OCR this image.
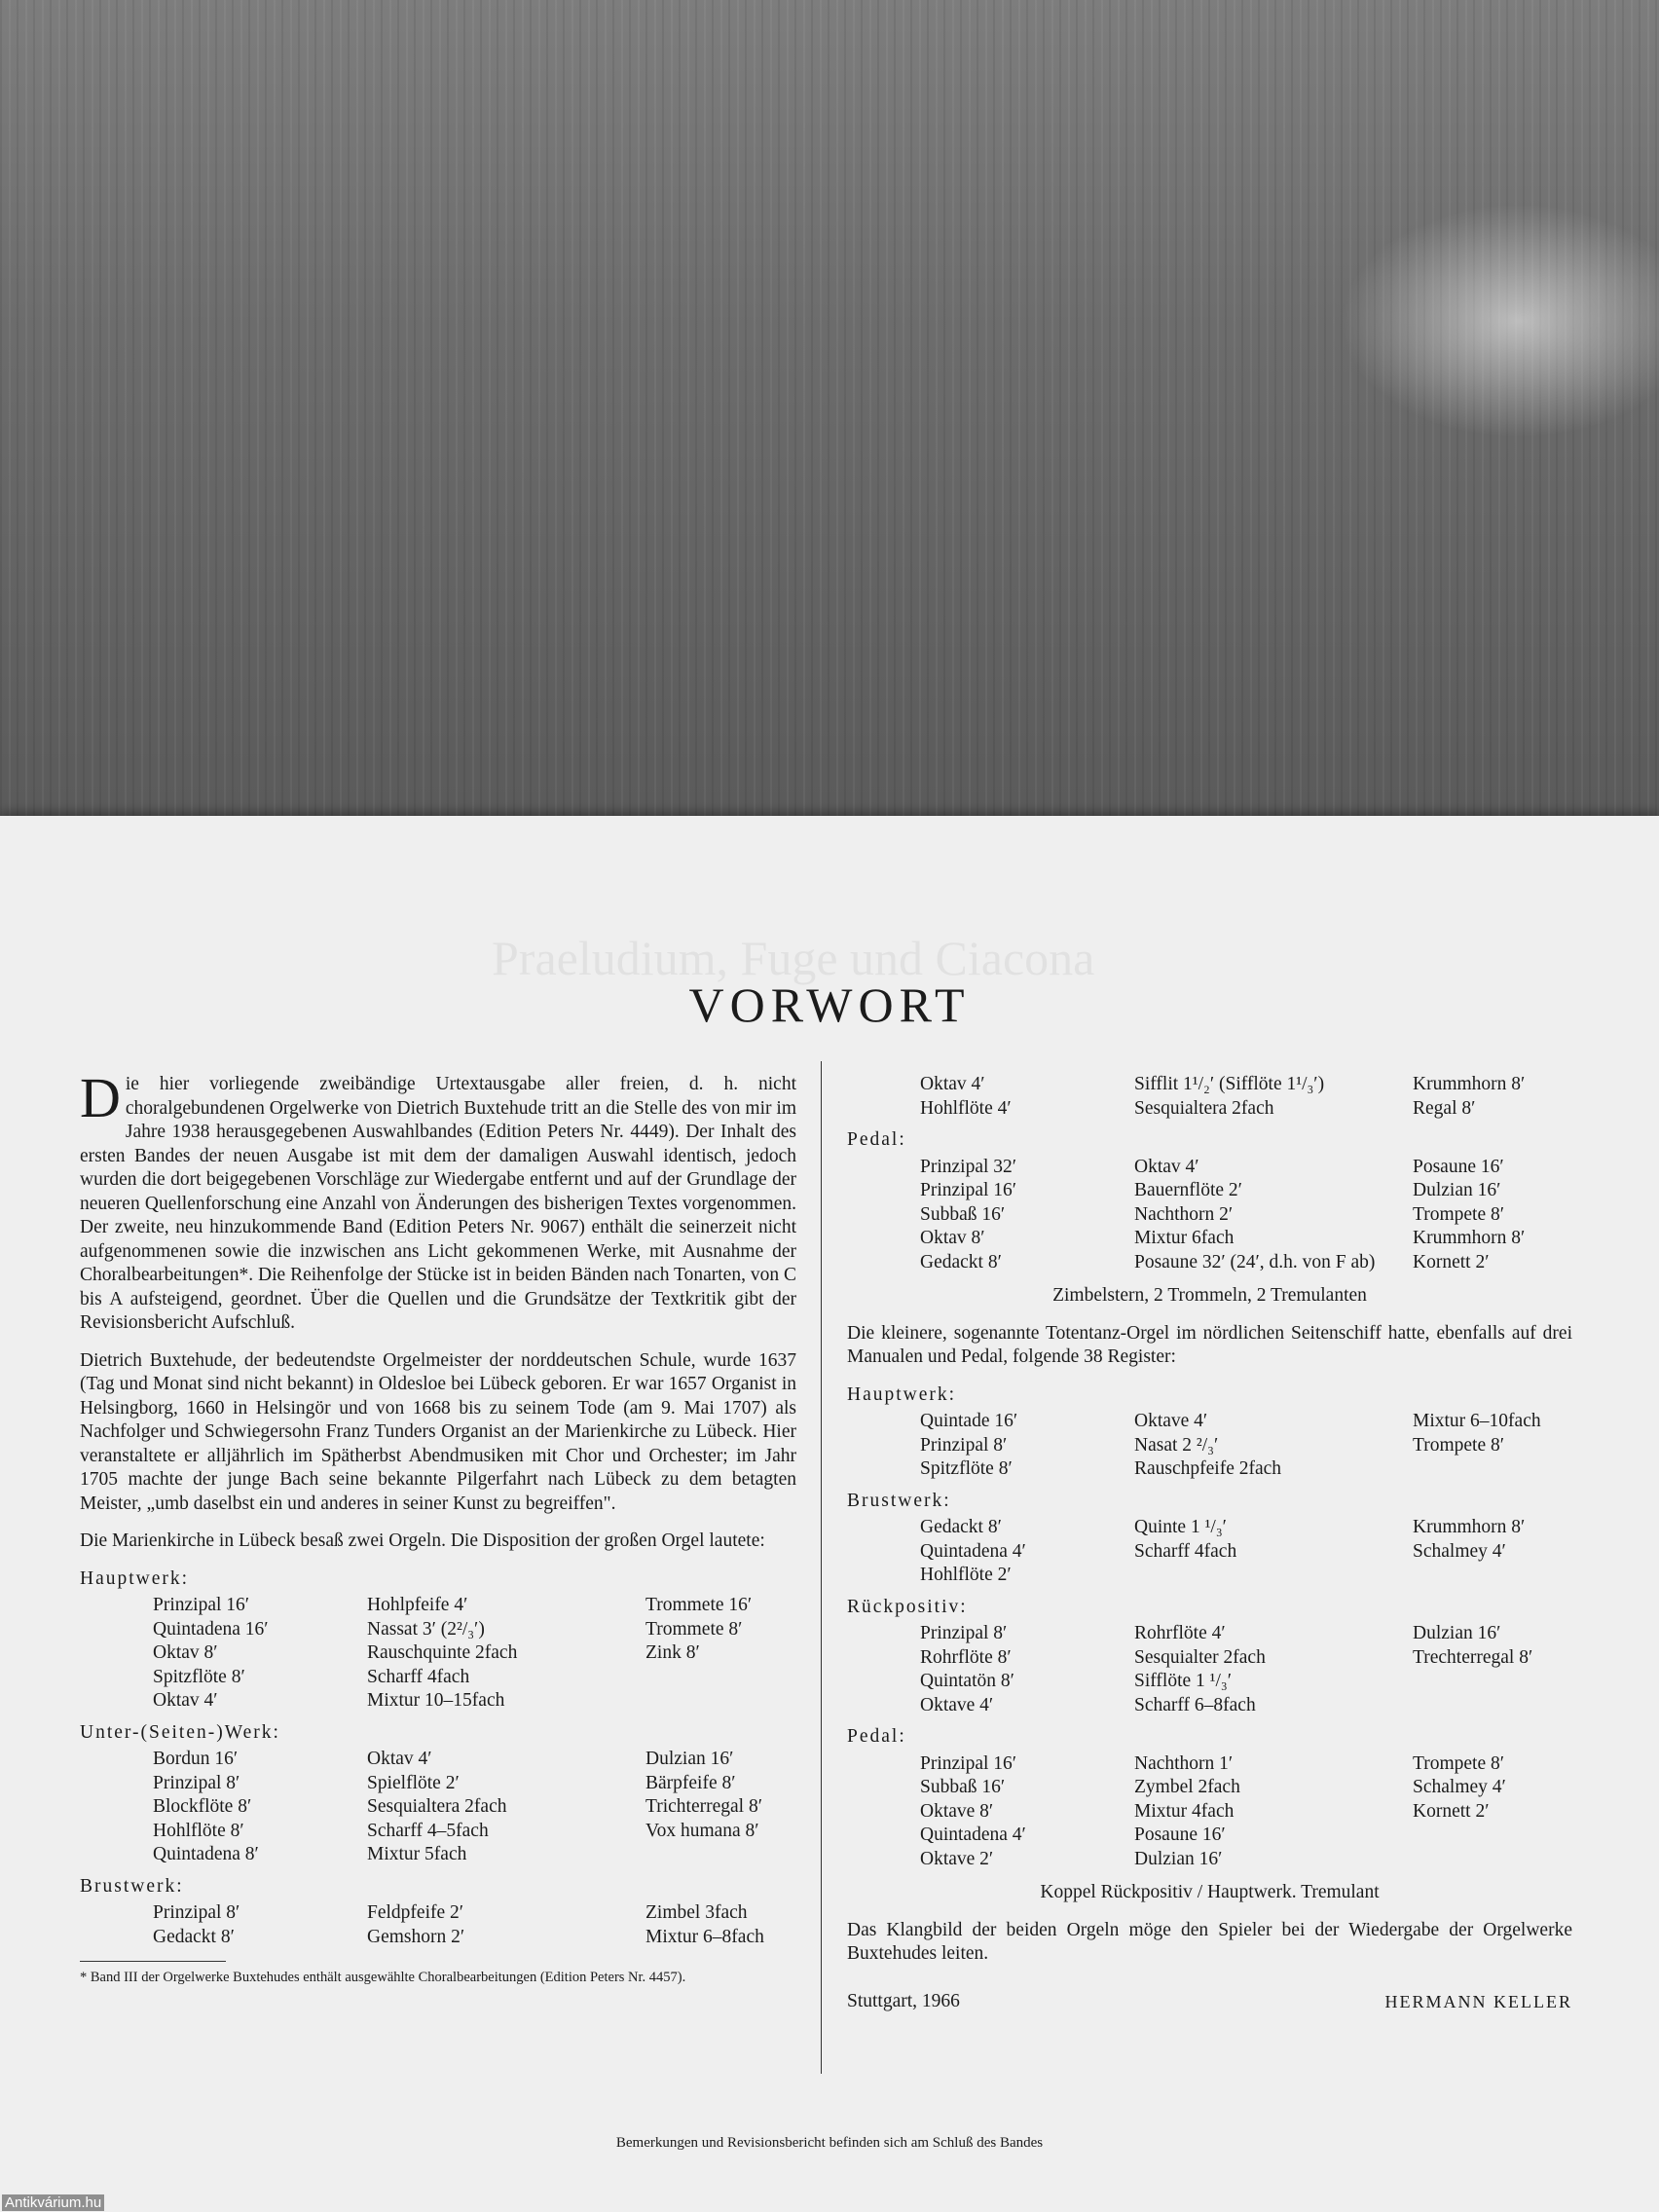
Praeludium, Fuge und Ciacona
VORWORT

Die hier vorliegende zweibändige Urtextausgabe aller freien, d. h. nicht choralgebundenen Orgelwerke von Dietrich Buxtehude tritt an die Stelle des von mir im Jahre 1938 herausgegebenen Auswahlbandes (Edition Peters Nr. 4449). Der Inhalt des ersten Bandes der neuen Ausgabe ist mit dem der damaligen Auswahl identisch, jedoch wurden die dort beigegebenen Vorschläge zur Wiedergabe entfernt und auf der Grundlage der neueren Quellenforschung eine Anzahl von Änderungen des bisherigen Textes vorgenommen. Der zweite, neu hinzukommende Band (Edition Peters Nr. 9067) enthält die seinerzeit nicht aufgenommenen sowie die inzwischen ans Licht gekommenen Werke, mit Ausnahme der Choralbearbeitungen*. Die Reihenfolge der Stücke ist in beiden Bänden nach Tonarten, von C bis A aufsteigend, geordnet. Über die Quellen und die Grundsätze der Textkritik gibt der Revisionsbericht Aufschluß.

Dietrich Buxtehude, der bedeutendste Orgelmeister der norddeutschen Schule, wurde 1637 (Tag und Monat sind nicht bekannt) in Oldesloe bei Lübeck geboren. Er war 1657 Organist in Helsingborg, 1660 in Helsingör und von 1668 bis zu seinem Tode (am 9. Mai 1707) als Nachfolger und Schwiegersohn Franz Tunders Organist an der Marienkirche zu Lübeck. Hier veranstaltete er alljährlich im Spätherbst Abendmusiken mit Chor und Orchester; im Jahr 1705 machte der junge Bach seine bekannte Pilgerfahrt nach Lübeck zu dem betagten Meister, „umb daselbst ein und anderes in seiner Kunst zu begreiffen".

Die Marienkirche in Lübeck besaß zwei Orgeln. Die Disposition der großen Orgel lautete:

Hauptwerk:
Prinzipal 16′	Hohlpfeife 4′	Trommete 16′
Quintadena 16′	Nassat 3′ (2²/₃′)	Trommete 8′
Oktav 8′	Rauschquinte 2fach	Zink 8′
Spitzflöte 8′	Scharff 4fach
Oktav 4′	Mixtur 10–15fach
Unter-(Seiten-)Werk:
Bordun 16′	Oktav 4′	Dulzian 16′
Prinzipal 8′	Spielflöte 2′	Bärpfeife 8′
Blockflöte 8′	Sesquialtera 2fach	Trichterregal 8′
Hohlflöte 8′	Scharff 4–5fach	Vox humana 8′
Quintadena 8′	Mixtur 5fach
Brustwerk:
Prinzipal 8′	Feldpfeife 2′	Zimbel 3fach
Gedackt 8′	Gemshorn 2′	Mixtur 6–8fach
* Band III der Orgelwerke Buxtehudes enthält ausgewählte Choralbearbeitungen (Edition Peters Nr. 4457).
Oktav 4′	Sifflit 1¹/₂′ (Sifflöte 1¹/₃′)	Krummhorn 8′
Hohlflöte 4′	Sesquialtera 2fach	Regal 8′
Pedal:
Prinzipal 32′	Oktav 4′	Posaune 16′
Prinzipal 16′	Bauernflöte 2′	Dulzian 16′
Subbaß 16′	Nachthorn 2′	Trompete 8′
Oktav 8′	Mixtur 6fach	Krummhorn 8′
Gedackt 8′	Posaune 32′ (24′, d.h. von F ab)	Kornett 2′
Zimbelstern, 2 Trommeln, 2 Tremulanten

Die kleinere, sogenannte Totentanz-Orgel im nördlichen Seitenschiff hatte, ebenfalls auf drei Manualen und Pedal, folgende 38 Register:

Hauptwerk:
Quintade 16′	Oktave 4′	Mixtur 6–10fach
Prinzipal 8′	Nasat 2 ²/₃′	Trompete 8′
Spitzflöte 8′	Rauschpfeife 2fach
Brustwerk:
Gedackt 8′	Quinte 1 ¹/₃′	Krummhorn 8′
Quintadena 4′	Scharff 4fach	Schalmey 4′
Hohlflöte 2′
Rückpositiv:
Prinzipal 8′	Rohrflöte 4′	Dulzian 16′
Rohrflöte 8′	Sesquialter 2fach	Trechterregal 8′
Quintatön 8′	Sifflöte 1 ¹/₃′
Oktave 4′	Scharff 6–8fach
Pedal:
Prinzipal 16′	Nachthorn 1′	Trompete 8′
Subbaß 16′	Zymbel 2fach	Schalmey 4′
Oktave 8′	Mixtur 4fach	Kornett 2′
Quintadena 4′	Posaune 16′
Oktave 2′	Dulzian 16′
Koppel Rückpositiv / Hauptwerk. Tremulant

Das Klangbild der beiden Orgeln möge den Spieler bei der Wiedergabe der Orgelwerke Buxtehudes leiten.

Stuttgart, 1966	HERMANN KELLER
Bemerkungen und Revisionsbericht befinden sich am Schluß des Bandes
Antikvárium.hu
